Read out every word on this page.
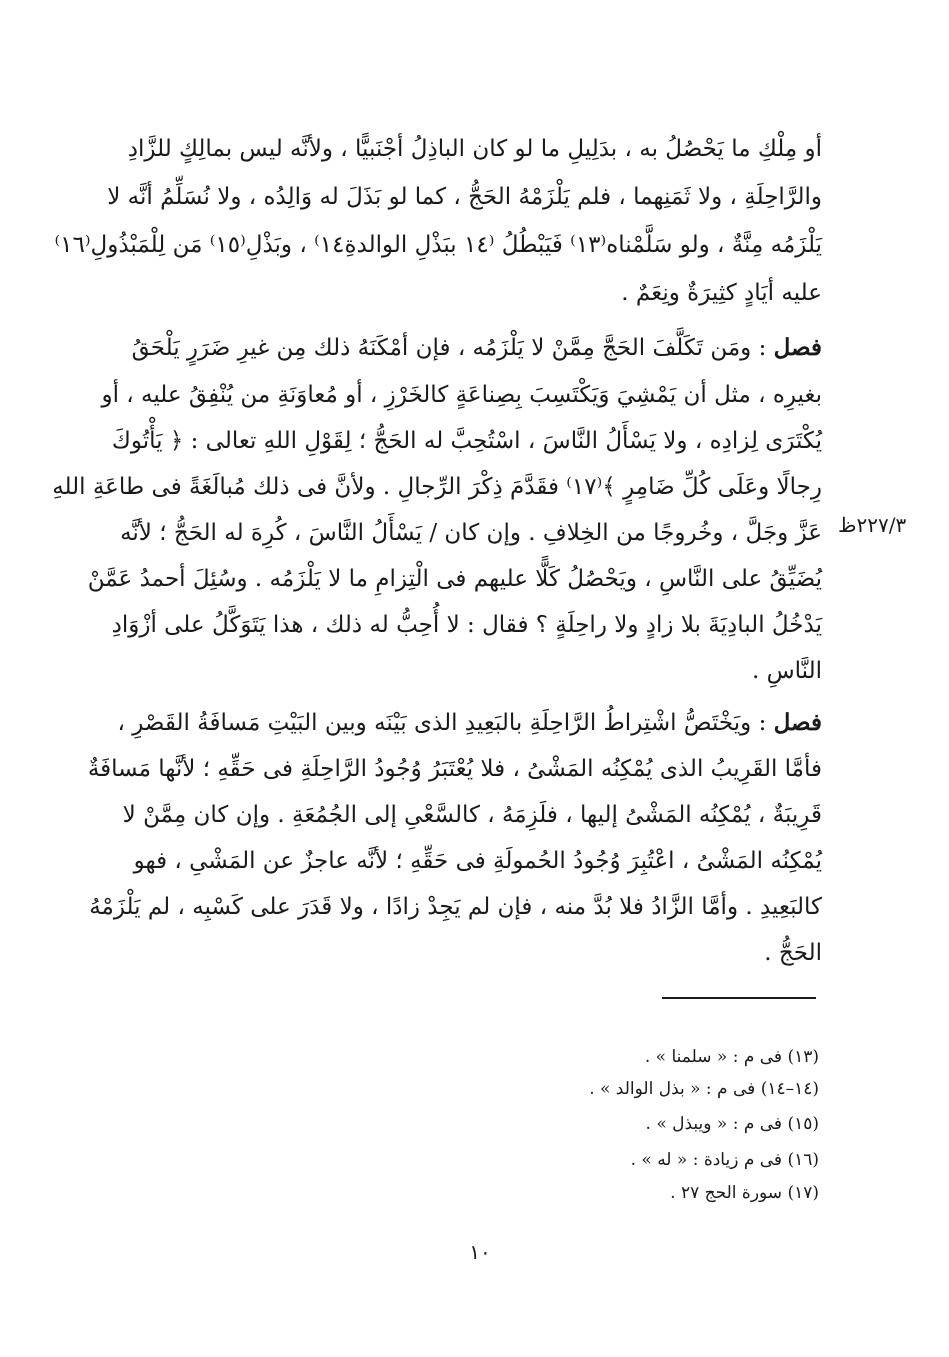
أو مِلْكِ ما يَحْصُلُ به ، بدَلِيلِ ما لو كان الباذِلُ أجْنَبيًّا ، ولأنَّه ليس بمالِكٍ للزَّادِ
والرَّاحِلَةِ ، ولا ثَمَنِهما ، فلم يَلْزَمْهُ الحَجُّ ، كما لو بَذَلَ له وَالِدُه ، ولا نُسَلِّمُ أنَّه لا
يَلْزَمُه مِنَّةٌ ، ولو سَلَّمْناه⁽١٣⁾ فَيَبْطُلُ ⁽١٤ ببَذْلِ الوالدةِ١٤⁾ ، وبَذْلِ⁽١٥⁾ مَن لِلْمَبْذُولِ⁽١٦⁾
عليه أيَادٍ كثِيرَةٌ ونِعَمٌ .
فصل : ومَن تَكَلَّفَ الحَجَّ مِمَّنْ لا يَلْزَمُه ، فإن أمْكَنَهُ ذلك مِن غيرِ ضَرَرٍ يَلْحَقُ
بغيرِه ، مثل أن يَمْشِيَ وَيَكْتَسِبَ بِصِناعَةٍ كالخَرْزِ ، أو مُعاوَنَةِ من يُنْفِقُ عليه ، أو
يُكْتَرَى لِزادِه ، ولا يَسْأَلُ النَّاسَ ، اسْتُحِبَّ له الحَجُّ ؛ لِقَوْلِ اللهِ تعالى : ﴿ يَأْتُوكَ
رِجالًا وعَلَى كُلِّ ضَامِرٍ ﴾⁽١٧⁾ فقَدَّمَ ذِكْرَ الرِّجالِ . ولأنَّ فى ذلك مُبالَغَةً فى طاعَةِ اللهِ
عَزَّ وجَلَّ ، وخُروجًا من الخِلافِ . وإن كان / يَسْأَلُ النَّاسَ ، كُرِهَ له الحَجُّ ؛ لأنَّه
يُضَيِّقُ على النَّاسِ ، ويَحْصُلُ كَلًّا عليهم فى الْتِزامِ ما لا يَلْزَمُه . وسُئِلَ أحمدُ عَمَّنْ
يَدْخُلُ البادِيَةَ بلا زادٍ ولا راحِلَةٍ ؟ فقال : لا أُحِبُّ له ذلك ، هذا يَتَوَكَّلُ على أزْوَادِ
النَّاسِ .
٢٢٧/٣ظ
فصل : ويَخْتَصُّ اشْتِراطُ الرَّاحِلَةِ بالبَعِيدِ الذى بَيْنَه وبين البَيْتِ مَسافَةُ القَصْرِ ،
فأمَّا القَرِيبُ الذى يُمْكِنُه المَشْىُ ، فلا يُعْتَبَرُ وُجُودُ الرَّاحِلَةِ فى حَقِّهِ ؛ لأنَّها مَسافَةٌ
قَرِيبَةٌ ، يُمْكِنُه المَشْىُ إليها ، فلَزِمَهُ ، كالسَّعْىِ إلى الجُمُعَةِ . وإن كان مِمَّنْ لا
يُمْكِنُه المَشْىُ ، اعْتُبِرَ وُجُودُ الحُمولَةِ فى حَقِّهِ ؛ لأنَّه عاجزٌ عن المَشْىِ ، فهو
كالبَعِيدِ . وأمَّا الزَّادُ فلا بُدَّ منه ، فإن لم يَجِدْ زادًا ، ولا قَدَرَ على كَسْبِه ، لم يَلْزَمْهُ
الحَجُّ .
(١٣) فى م : « سلمنا » .
(١٤–١٤) فى م : « بذل الوالد » .
(١٥) فى م : « ويبذل » .
(١٦) فى م زيادة : « له » .
(١٧) سورة الحج ٢٧ .
١٠
